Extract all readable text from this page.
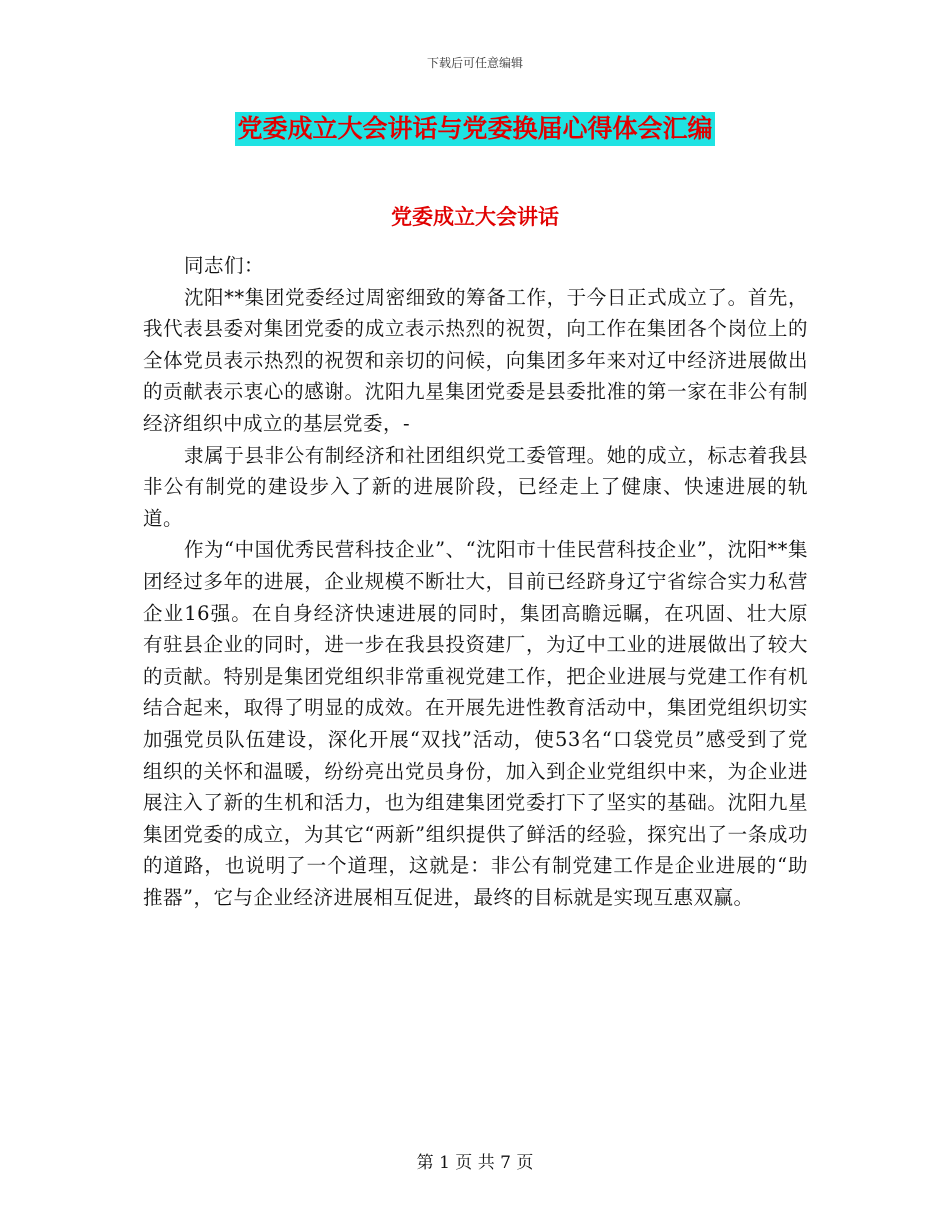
下载后可任意编辑
党委成立大会讲话与党委换届心得体会汇编
党委成立大会讲话

同志们：

沈阳**集团党委经过周密细致的筹备工作，于今日正式成立了。首先，我代表县委对集团党委的成立表示热烈的祝贺，向工作在集团各个岗位上的全体党员表示热烈的祝贺和亲切的问候，向集团多年来对辽中经济进展做出的贡献表示衷心的感谢。沈阳九星集团党委是县委批准的第一家在非公有制经济组织中成立的基层党委，-

隶属于县非公有制经济和社团组织党工委管理。她的成立，标志着我县非公有制党的建设步入了新的进展阶段，已经走上了健康、快速进展的轨道。

作为“中国优秀民营科技企业”、“沈阳市十佳民营科技企业”，沈阳**集团经过多年的进展，企业规模不断壮大，目前已经跻身辽宁省综合实力私营企业16强。在自身经济快速进展的同时，集团高瞻远瞩，在巩固、壮大原有驻县企业的同时，进一步在我县投资建厂，为辽中工业的进展做出了较大的贡献。特别是集团党组织非常重视党建工作，把企业进展与党建工作有机结合起来，取得了明显的成效。在开展先进性教育活动中，集团党组织切实加强党员队伍建设，深化开展“双找”活动，使53名“口袋党员”感受到了党组织的关怀和温暖，纷纷亮出党员身份，加入到企业党组织中来，为企业进展注入了新的生机和活力，也为组建集团党委打下了坚实的基础。沈阳九星集团党委的成立，为其它“两新”组织提供了鲜活的经验，探究出了一条成功的道路，也说明了一个道理，这就是：非公有制党建工作是企业进展的“助推器”，它与企业经济进展相互促进，最终的目标就是实现互惠双赢。

第 1 页 共 7 页
